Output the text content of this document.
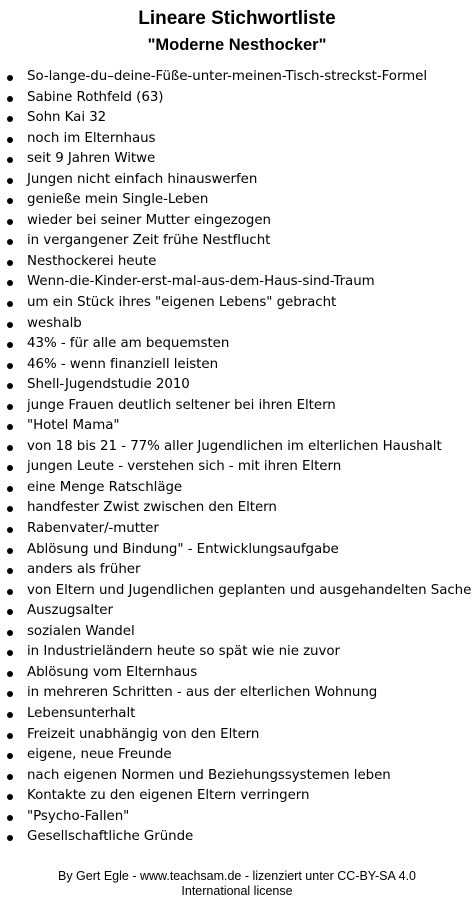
Lineare Stichwortliste
"Moderne Nesthocker"
So-lange-du–deine-Füße-unter-meinen-Tisch-streckst-Formel
Sabine Rothfeld (63)
Sohn Kai 32
noch im Elternhaus
seit 9 Jahren Witwe
Jungen nicht einfach hinauswerfen
genieße mein Single-Leben
wieder bei seiner Mutter eingezogen
in vergangener Zeit frühe Nestflucht
Nesthockerei heute
Wenn-die-Kinder-erst-mal-aus-dem-Haus-sind-Traum
um ein Stück ihres "eigenen Lebens" gebracht
weshalb
43% - für alle am bequemsten
46% - wenn finanziell leisten
Shell-Jugendstudie 2010
junge Frauen deutlich seltener bei ihren Eltern
"Hotel Mama"
von 18 bis 21 - 77% aller Jugendlichen im elterlichen Haushalt
jungen Leute - verstehen sich - mit ihren Eltern
eine Menge Ratschläge
handfester Zwist zwischen den Eltern
Rabenvater/-mutter
Ablösung und Bindung" - Entwicklungsaufgabe
anders als früher
von Eltern und Jugendlichen geplanten und ausgehandelten Sache
Auszugsalter
sozialen Wandel
in Industrieländern heute so spät wie nie zuvor
Ablösung vom Elternhaus
in mehreren Schritten - aus der elterlichen Wohnung
Lebensunterhalt
Freizeit unabhängig von den Eltern
eigene, neue Freunde
nach eigenen Normen und Beziehungssystemen leben
Kontakte zu den eigenen Eltern verringern
"Psycho-Fallen"
Gesellschaftliche Gründe
By Gert Egle - www.teachsam.de - lizenziert unter CC-BY-SA 4.0
International license
